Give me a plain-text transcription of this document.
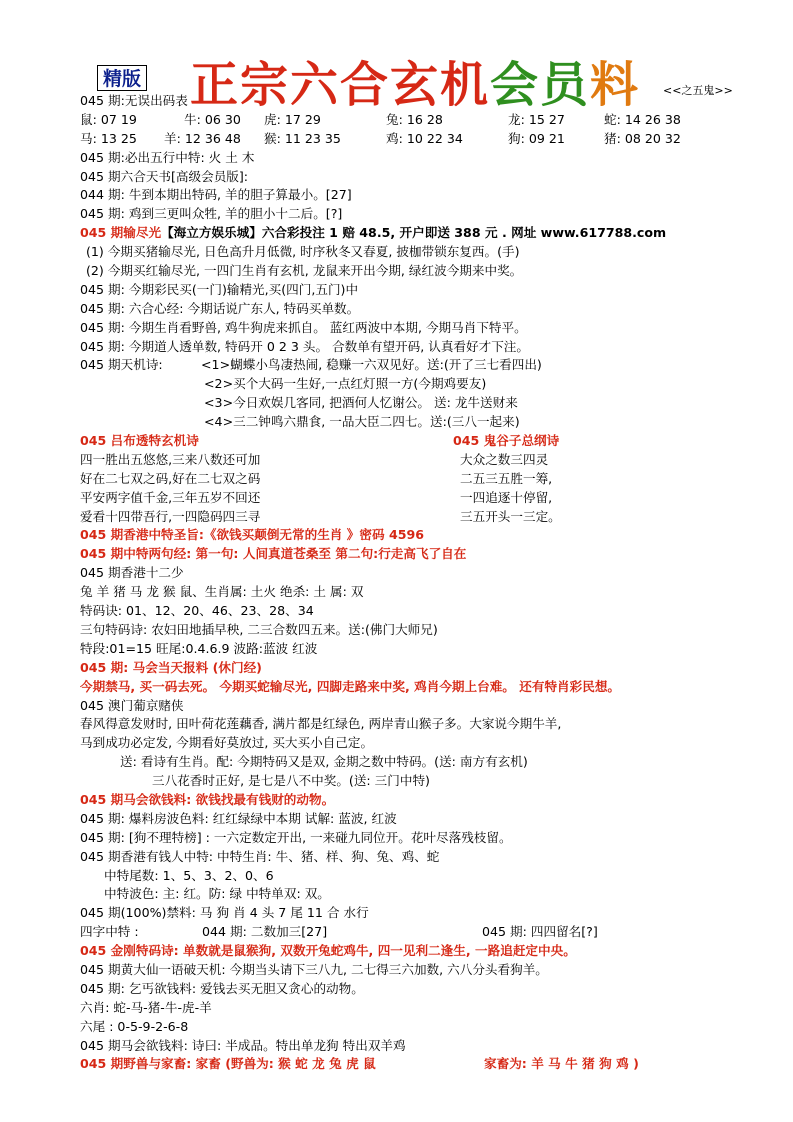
精版 正宗六合玄机会员料 <<之五鬼>>
045 期:无误出码表
鼠: 07 19	牛: 06 30 虎: 17 29	兔: 16 28	龙: 15 27	蛇: 14 26 38
马: 13 25 羊: 12 36 48 猴: 11 23 35	鸡: 10 22 34	狗: 09 21	猪: 08 20 32
045 期:必出五行中特: 火 土 木
045 期六合天书[高级会员版]:
044 期: 牛到本期出特码, 羊的胆子算最小。[27]
045 期: 鸡到三更叫众牲, 羊的胆小十二后。[?]
045 期输尽光【海立方娱乐城】六合彩投注 1 赔 48.5, 开户即送 388 元 . 网址 www.617788.com
(1) 今期买猪输尽光, 日色高升月低微, 时序秋冬又春夏, 披枷带锁东复西。(手)
(2) 今期买红输尽光, 一四门生肖有玄机, 龙鼠来开出今期, 绿红波今期来中奖。
045 期: 今期彩民买(一门)输精光,买(四门,五门)中
045 期: 六合心经: 今期话说广东人, 特码买单数。
045 期: 今期生肖看野兽, 鸡牛狗虎来抓自。 蓝红两波中本期, 今期马肖下特平。
045 期: 今期道人透单数, 特码开 0 2 3 头。 合数单有望开码, 认真看好才下注。
045 期天机诗:	<1>蝴蝶小鸟凄热闹, 稳赚一六双见好。送:(开了三七看四出)
<2>买个大码一生好,一点红灯照一方(今期鸡要友)
<3>今日欢娱几客同, 把酒何人忆谢公。 送: 龙牛送财来
<4>三二钟鸣六鼎食, 一品大臣二四七。送:(三八一起来)
045 吕布透特玄机诗	045 鬼谷子总纲诗
四一胜出五悠悠,三来八数还可加	大众之数三四灵
好在二七双之码,好在二七双之码	二五三五胜一筹,
平安两字值千金,三年五岁不回还	一四追逐十停留,
爱看十四带吾行,一四隐码四三寻	三五开头一三定。
045 期香港中特圣旨:《欲钱买颠倒无常的生肖 》密码 4596
045 期中特两句经: 第一句: 人间真道苍桑至 第二句:行走高飞了自在
045 期香港十二少
兔 羊 猪 马 龙 猴 鼠、生肖属: 土火 绝杀: 土 属: 双
特码诀: 01、12、20、46、23、28、34
三句特码诗: 农妇田地插早秧, 二三合数四五来。送:(佛门大师兄)
特段:01=15 旺尾:0.4.6.9 波路:蓝波 红波
045 期: 马会当天报料 (休门经)
今期禁马, 买一码去死。 今期买蛇输尽光, 四脚走路来中奖, 鸡肖今期上台难。 还有特肖彩民想。
045 澳门葡京赌侠
春风得意发财时, 田叶荷花莲藕香, 满片都是红绿色, 两岸青山猴子多。大家说今期牛羊,
马到成功必定发, 今期看好莫放过, 买大买小自己定。
送: 看诗有生肖。配: 今期特码又是双, 金期之数中特码。(送: 南方有玄机)
三八花香时正好, 是七是八不中奖。(送: 三门中特)
045 期马会欲钱料: 欲钱找最有钱财的动物。
045 期: 爆料房波色料: 红红绿绿中本期 试解: 蓝波, 红波
045 期: [狗不理特榜] : 一六定数定开出, 一来碰九同位开。花叶尽落残枝留。
045 期香港有钱人中特: 中特生肖: 牛、猪、样、狗、兔、鸡、蛇
中特尾数: 1、5、3、2、0、6
中特波色: 主: 红。防: 绿 中特单双: 双。
045 期(100%)禁料: 马 狗 肖 4 头 7 尾 11 合 水行
四字中特 :	044 期: 二数加三[27]	045 期: 四四留名[?]
045 金刚特码诗: 单数就是鼠猴狗, 双数开兔蛇鸡牛, 四一见利二逢生, 一路追赶定中央。
045 期黄大仙一语破天机: 今期当头请下三八九, 二七得三六加数, 六八分头看狗羊。
045 期: 乞丐欲钱料: 爱钱去买无胆又贪心的动物。
六肖: 蛇-马-猪-牛-虎-羊
六尾 : 0-5-9-2-6-8
045 期马会欲钱料: 诗曰: 半成品。特出单龙狗 特出双羊鸡
045 期野兽与家畜: 家畜 (野兽为: 猴 蛇 龙 兔 虎 鼠	家畜为: 羊 马 牛 猪 狗 鸡 )
